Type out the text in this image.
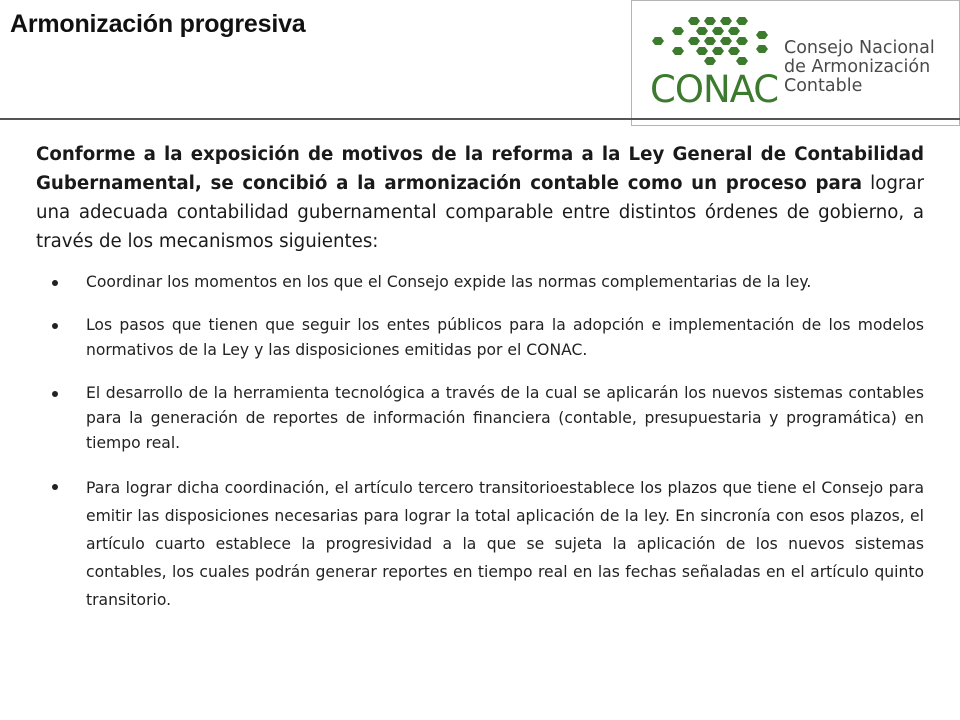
Armonización progresiva
CONAC
Consejo Nacional
de Armonización
Contable

Conforme a la exposición de motivos de la reforma a la Ley General de Contabilidad Gubernamental, se concibió a la armonización contable como un proceso para lograr una adecuada contabilidad gubernamental comparable entre distintos órdenes de gobierno, a través de los mecanismos siguientes:

Coordinar los momentos en los que el Consejo expide las normas complementarias de la ley.
Los pasos que tienen que seguir los entes públicos para la adopción e implementación de los modelos normativos de la Ley y las disposiciones emitidas por el CONAC.
El desarrollo de la herramienta tecnológica a través de la cual se aplicarán los nuevos sistemas contables para la generación de reportes de información financiera (contable, presupuestaria y programática) en tiempo real.
Para lograr dicha coordinación, el artículo tercero transitorioestablece los plazos que tiene el Consejo para emitir las disposiciones necesarias para lograr la total aplicación de la ley. En sincronía con esos plazos, el artículo cuarto establece la progresividad a la que se sujeta la aplicación de los nuevos sistemas contables, los cuales podrán generar reportes en tiempo real en las fechas señaladas en el artículo quinto transitorio.
